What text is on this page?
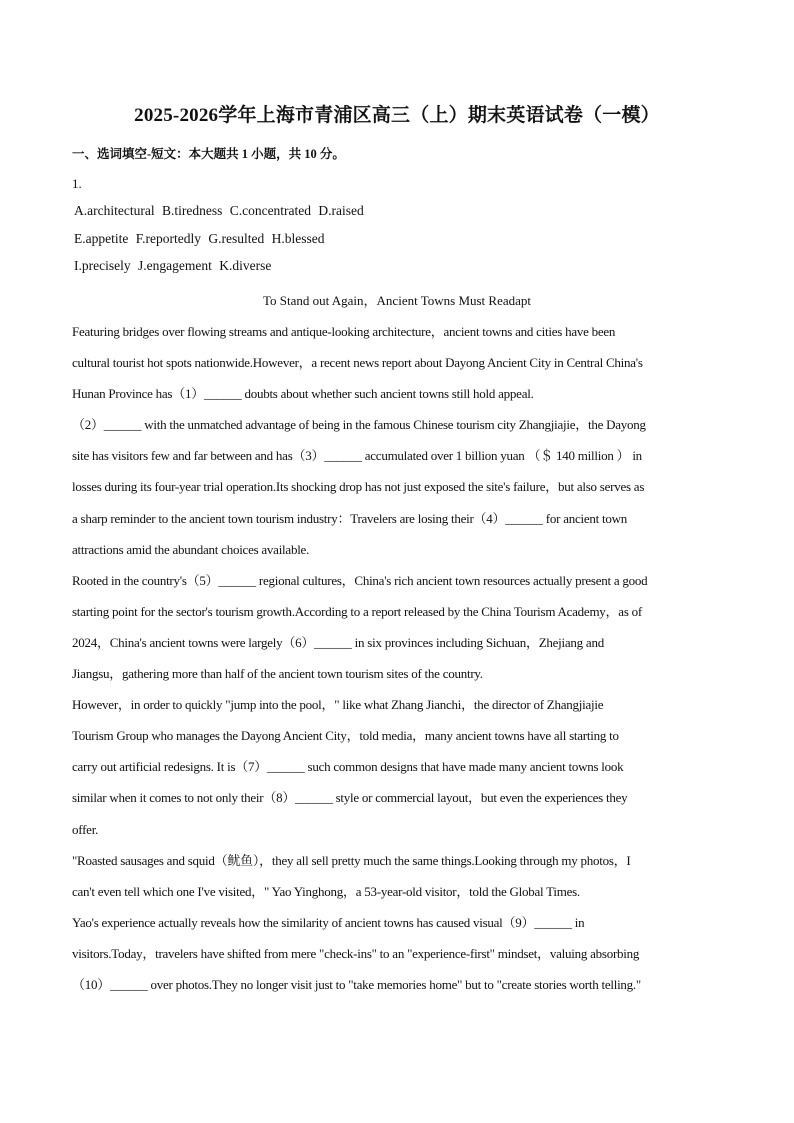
2025-2026学年上海市青浦区高三（上）期末英语试卷（一模）
一、选词填空-短文：本大题共 1 小题，共 10 分。
1.
A.architectural B.tiredness C.concentrated D.raised
E.appetite F.reportedly G.resulted H.blessed
I.precisely J.engagement K.diverse
To Stand out Again，Ancient Towns Must Readapt
Featuring bridges over flowing streams and antique-looking architecture，ancient towns and cities have been
cultural tourist hot spots nationwide.However，a recent news report about Dayong Ancient City in Central China's
Hunan Province has（1）______ doubts about whether such ancient towns still hold appeal.
（2）______ with the unmatched advantage of being in the famous Chinese tourism city Zhangjiajie，the Dayong
site has visitors few and far between and has（3）______ accumulated over 1 billion yuan （＄ 140 million ） in
losses during its four-year trial operation.Its shocking drop has not just exposed the site's failure，but also serves as
a sharp reminder to the ancient town tourism industry：Travelers are losing their（4）______ for ancient town
attractions amid the abundant choices available.
Rooted in the country's（5）______ regional cultures，China's rich ancient town resources actually present a good
starting point for the sector's tourism growth.According to a report released by the China Tourism Academy，as of
2024，China's ancient towns were largely（6）______ in six provinces including Sichuan，Zhejiang and
Jiangsu，gathering more than half of the ancient town tourism sites of the country.
However，in order to quickly "jump into the pool，" like what Zhang Jianchi，the director of Zhangjiajie
Tourism Group who manages the Dayong Ancient City，told media，many ancient towns have all starting to
carry out artificial redesigns. It is（7）______ such common designs that have made many ancient towns look
similar when it comes to not only their（8）______ style or commercial layout，but even the experiences they
offer.
"Roasted sausages and squid（鱿鱼），they all sell pretty much the same things.Looking through my photos，I
can't even tell which one I've visited，" Yao Yinghong，a 53-year-old visitor，told the Global Times.
Yao's experience actually reveals how the similarity of ancient towns has caused visual（9）______ in
visitors.Today，travelers have shifted from mere "check-ins" to an "experience-first" mindset，valuing absorbing
（10）______ over photos.They no longer visit just to "take memories home" but to "create stories worth telling."
